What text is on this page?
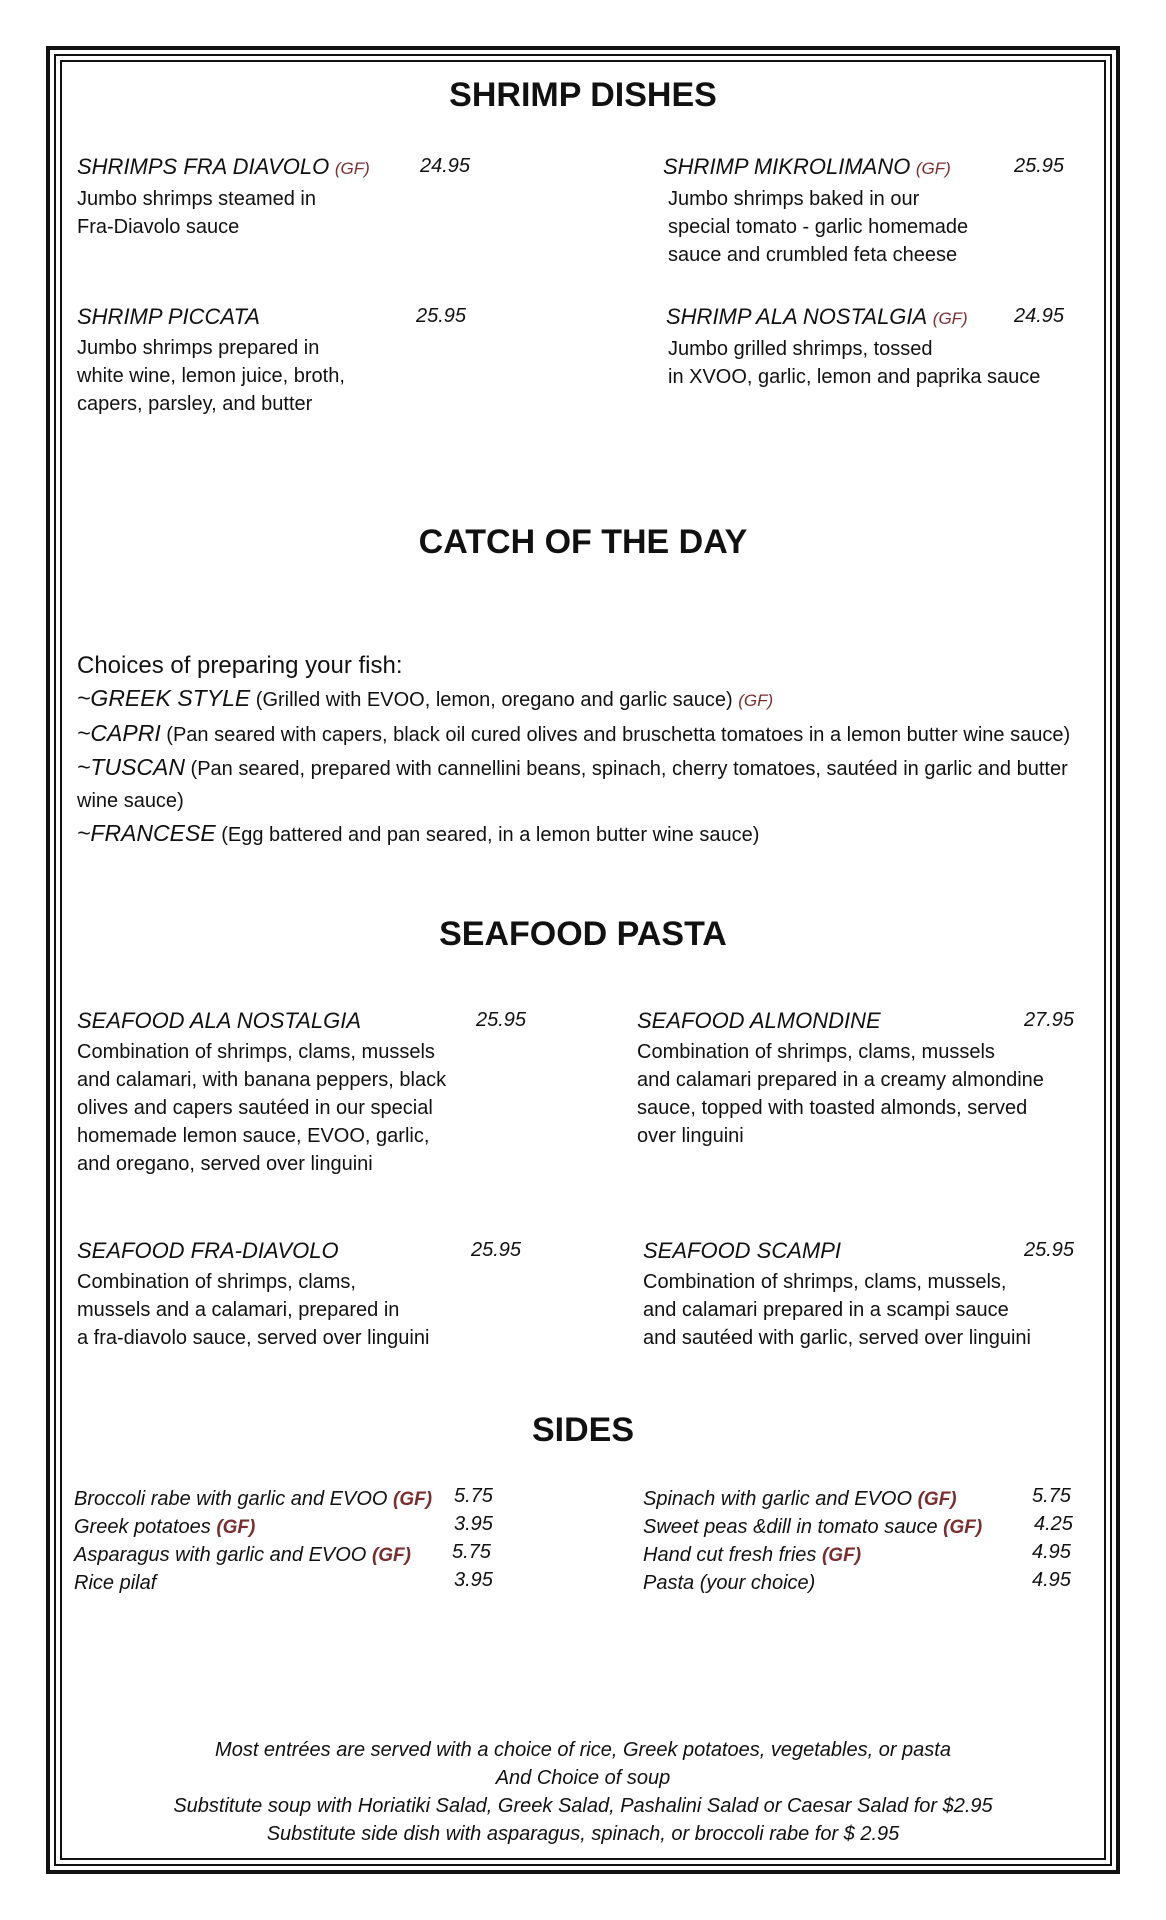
SHRIMP DISHES
SHRIMPS FRA DIAVOLO (GF)
Jumbo shrimps steamed in
Fra-Diavolo sauce
24.95	SHRIMP MIKROLIMANO (GF)
Jumbo shrimps baked in our
special tomato - garlic homemade
sauce and crumbled feta cheese
25.95
SHRIMP PICCATA
Jumbo shrimps prepared in
white wine, lemon juice, broth,
capers, parsley, and butter
25.95	SHRIMP ALA NOSTALGIA (GF)
Jumbo grilled shrimps, tossed
in XVOO, garlic, lemon and paprika sauce
24.95
CATCH OF THE DAY
Choices of preparing your fish:
~GREEK STYLE (Grilled with EVOO, lemon, oregano and garlic sauce) (GF)
~CAPRI (Pan seared with capers, black oil cured olives and bruschetta tomatoes in a lemon butter wine sauce)
~TUSCAN (Pan seared, prepared with cannellini beans, spinach, cherry tomatoes, sautéed in garlic and butter wine sauce)
~FRANCESE (Egg battered and pan seared, in a lemon butter wine sauce)
SEAFOOD PASTA
SEAFOOD ALA NOSTALGIA
Combination of shrimps, clams, mussels
and calamari, with banana peppers, black
olives and capers sautéed in our special
homemade lemon sauce, EVOO, garlic,
and oregano, served over linguini
25.95	SEAFOOD ALMONDINE
Combination of shrimps, clams, mussels
and calamari prepared in a creamy almondine
sauce, topped with toasted almonds, served
over linguini
27.95
SEAFOOD FRA-DIAVOLO
Combination of shrimps, clams,
mussels and a calamari, prepared in
a fra-diavolo sauce, served over linguini
25.95	SEAFOOD SCAMPI
Combination of shrimps, clams, mussels,
and calamari prepared in a scampi sauce
and sautéed with garlic, served over linguini
25.95
SIDES
Broccoli rabe with garlic and EVOO (GF) 5.75
Greek potatoes (GF)	3.95
Asparagus with garlic and EVOO (GF) 5.75
Rice pilaf	3.95
Spinach with garlic and EVOO (GF)	5.75
Sweet peas &dill in tomato sauce (GF)	4.25
Hand cut fresh fries (GF)	4.95
Pasta (your choice)	4.95
Most entrées are served with a choice of rice, Greek potatoes, vegetables, or pasta
And Choice of soup
Substitute soup with Horiatiki Salad, Greek Salad, Pashalini Salad or Caesar Salad for $2.95
Substitute side dish with asparagus, spinach, or broccoli rabe for $ 2.95
